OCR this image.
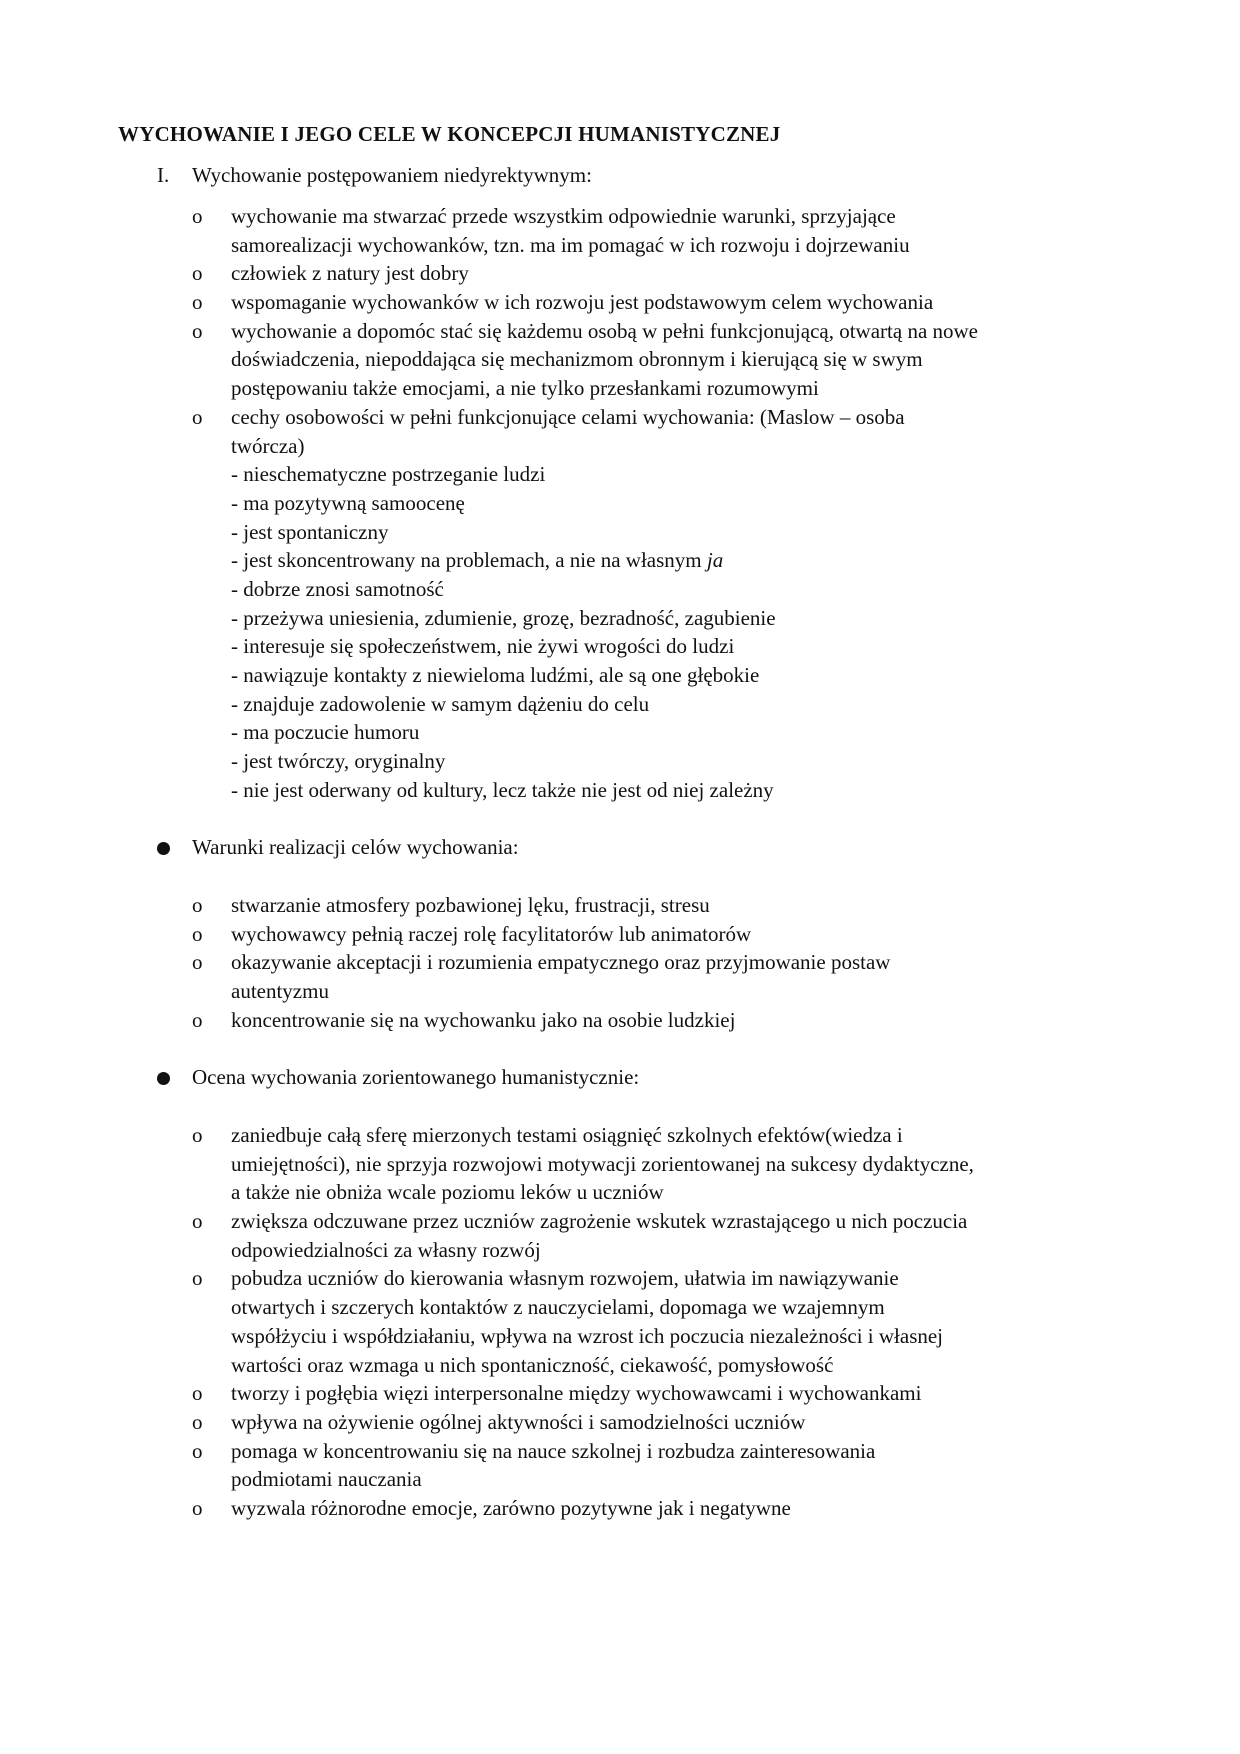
WYCHOWANIE I JEGO CELE W KONCEPCJI HUMANISTYCZNEJ
I. Wychowanie postępowaniem niedyrektywnym:
o wychowanie ma stwarzać przede wszystkim odpowiednie warunki, sprzyjające
samorealizacji wychowanków, tzn. ma im pomagać w ich rozwoju i dojrzewaniu
o człowiek z natury jest dobry
o wspomaganie wychowanków w ich rozwoju jest podstawowym celem wychowania
o wychowanie a dopomóc stać się każdemu osobą w pełni funkcjonującą, otwartą na nowe
doświadczenia, niepoddająca się mechanizmom obronnym i kierującą się w swym
postępowaniu także emocjami, a nie tylko przesłankami rozumowymi
o cechy osobowości w pełni funkcjonujące celami wychowania: (Maslow – osoba
twórcza)
- nieschematyczne postrzeganie ludzi
- ma pozytywną samoocenę
- jest spontaniczny
- jest skoncentrowany na problemach, a nie na własnym ja
- dobrze znosi samotność
- przeżywa uniesienia, zdumienie, grozę, bezradność, zagubienie
- interesuje się społeczeństwem, nie żywi wrogości do ludzi
- nawiązuje kontakty z niewieloma ludźmi, ale są one głębokie
- znajduje zadowolenie w samym dążeniu do celu
- ma poczucie humoru
- jest twórczy, oryginalny
- nie jest oderwany od kultury, lecz także nie jest od niej zależny
Warunki realizacji celów wychowania:
o stwarzanie atmosfery pozbawionej lęku, frustracji, stresu
o wychowawcy pełnią raczej rolę facylitatorów lub animatorów
o okazywanie akceptacji i rozumienia empatycznego oraz przyjmowanie postaw
autentyzmu
o koncentrowanie się na wychowanku jako na osobie ludzkiej
Ocena wychowania zorientowanego humanistycznie:
o zaniedbuje całą sferę mierzonych testami osiągnięć szkolnych efektów(wiedza i
umiejętności), nie sprzyja rozwojowi motywacji zorientowanej na sukcesy dydaktyczne,
a także nie obniża wcale poziomu leków u uczniów
o zwiększa odczuwane przez uczniów zagrożenie wskutek wzrastającego u nich poczucia
odpowiedzialności za własny rozwój
o pobudza uczniów do kierowania własnym rozwojem, ułatwia im nawiązywanie
otwartych i szczerych kontaktów z nauczycielami, dopomaga we wzajemnym
współżyciu i współdziałaniu, wpływa na wzrost ich poczucia niezależności i własnej
wartości oraz wzmaga u nich spontaniczność, ciekawość, pomysłowość
o tworzy i pogłębia więzi interpersonalne między wychowawcami i wychowankami
o wpływa na ożywienie ogólnej aktywności i samodzielności uczniów
o pomaga w koncentrowaniu się na nauce szkolnej i rozbudza zainteresowania
podmiotami nauczania
o wyzwala różnorodne emocje, zarówno pozytywne jak i negatywne
